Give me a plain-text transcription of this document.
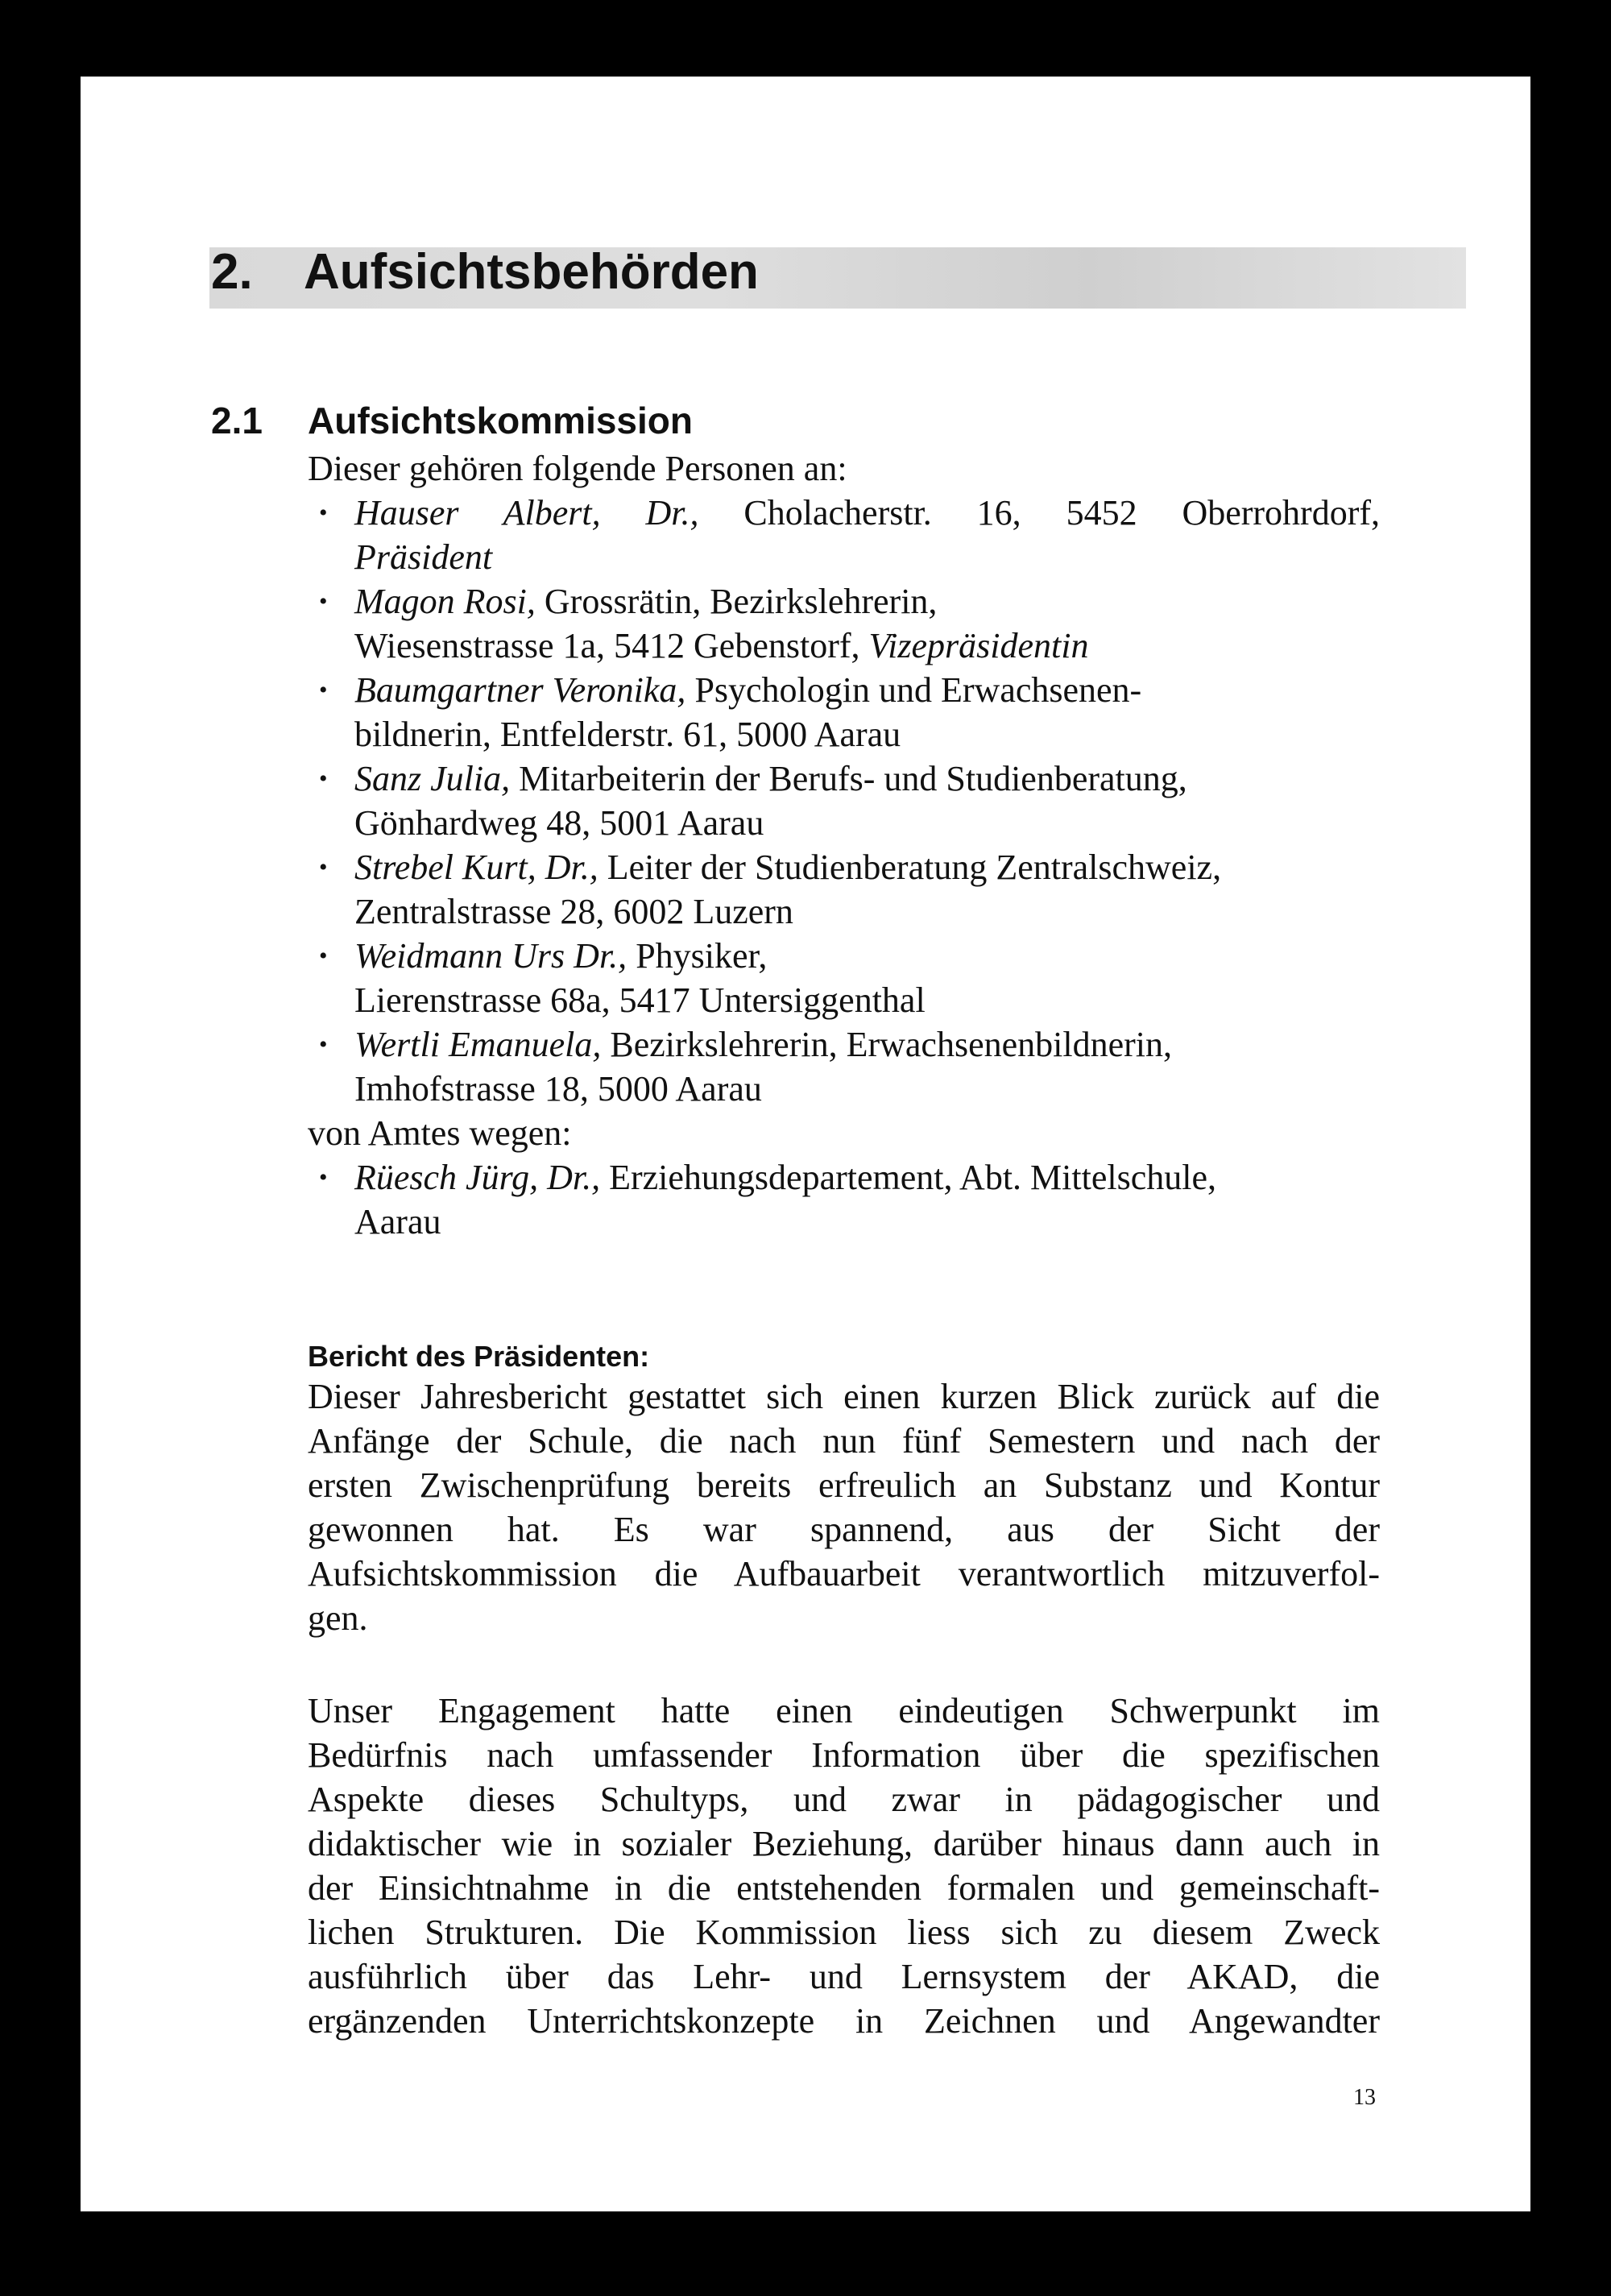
2. Aufsichtsbehörden
2.1 Aufsichtskommission
Dieser gehören folgende Personen an:
• Hauser Albert, Dr., Cholacherstr. 16, 5452 Oberrohrdorf,
Präsident
• Magon Rosi, Grossrätin, Bezirkslehrerin,
Wiesenstrasse 1a, 5412 Gebenstorf, Vizepräsidentin
• Baumgartner Veronika, Psychologin und Erwachsenen-
bildnerin, Entfelderstr. 61, 5000 Aarau
• Sanz Julia, Mitarbeiterin der Berufs- und Studienberatung,
Gönhardweg 48, 5001 Aarau
• Strebel Kurt, Dr., Leiter der Studienberatung Zentralschweiz,
Zentralstrasse 28, 6002 Luzern
• Weidmann Urs Dr., Physiker,
Lierenstrasse 68a, 5417 Untersiggenthal
• Wertli Emanuela, Bezirkslehrerin, Erwachsenenbildnerin,
Imhofstrasse 18, 5000 Aarau
von Amtes wegen:
• Rüesch Jürg, Dr., Erziehungsdepartement, Abt. Mittelschule,
Aarau
Bericht des Präsidenten:
Dieser Jahresbericht gestattet sich einen kurzen Blick zurück auf die
Anfänge der Schule, die nach nun fünf Semestern und nach der
ersten Zwischenprüfung bereits erfreulich an Substanz und Kontur
gewonnen hat. Es war spannend, aus der Sicht der
Aufsichtskommission die Aufbauarbeit verantwortlich mitzuverfol-
gen.
Unser Engagement hatte einen eindeutigen Schwerpunkt im
Bedürfnis nach umfassender Information über die spezifischen
Aspekte dieses Schultyps, und zwar in pädagogischer und
didaktischer wie in sozialer Beziehung, darüber hinaus dann auch in
der Einsichtnahme in die entstehenden formalen und gemeinschaft-
lichen Strukturen. Die Kommission liess sich zu diesem Zweck
ausführlich über das Lehr- und Lernsystem der AKAD, die
ergänzenden Unterrichtskonzepte in Zeichnen und Angewandter
13
